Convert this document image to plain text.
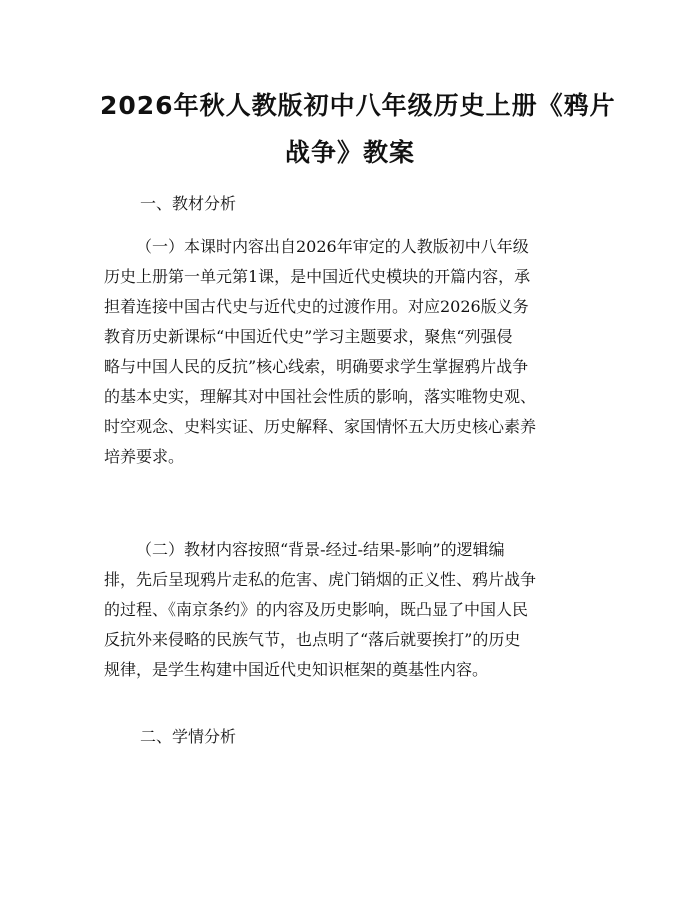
2026年秋人教版初中八年级历史上册《鸦片
战争》教案

一、教材分析

（一）本课时内容出自2026年审定的人教版初中八年级
历史上册第一单元第1课，是中国近代史模块的开篇内容，承
担着连接中国古代史与近代史的过渡作用。对应2026版义务
教育历史新课标“中国近代史”学习主题要求，聚焦“列强侵
略与中国人民的反抗”核心线索，明确要求学生掌握鸦片战争
的基本史实，理解其对中国社会性质的影响，落实唯物史观、
时空观念、史料实证、历史解释、家国情怀五大历史核心素养
培养要求。
（二）教材内容按照“背景-经过-结果-影响”的逻辑编
排，先后呈现鸦片走私的危害、虎门销烟的正义性、鸦片战争
的过程、《南京条约》的内容及历史影响，既凸显了中国人民
反抗外来侵略的民族气节，也点明了“落后就要挨打”的历史
规律，是学生构建中国近代史知识框架的奠基性内容。

二、学情分析
